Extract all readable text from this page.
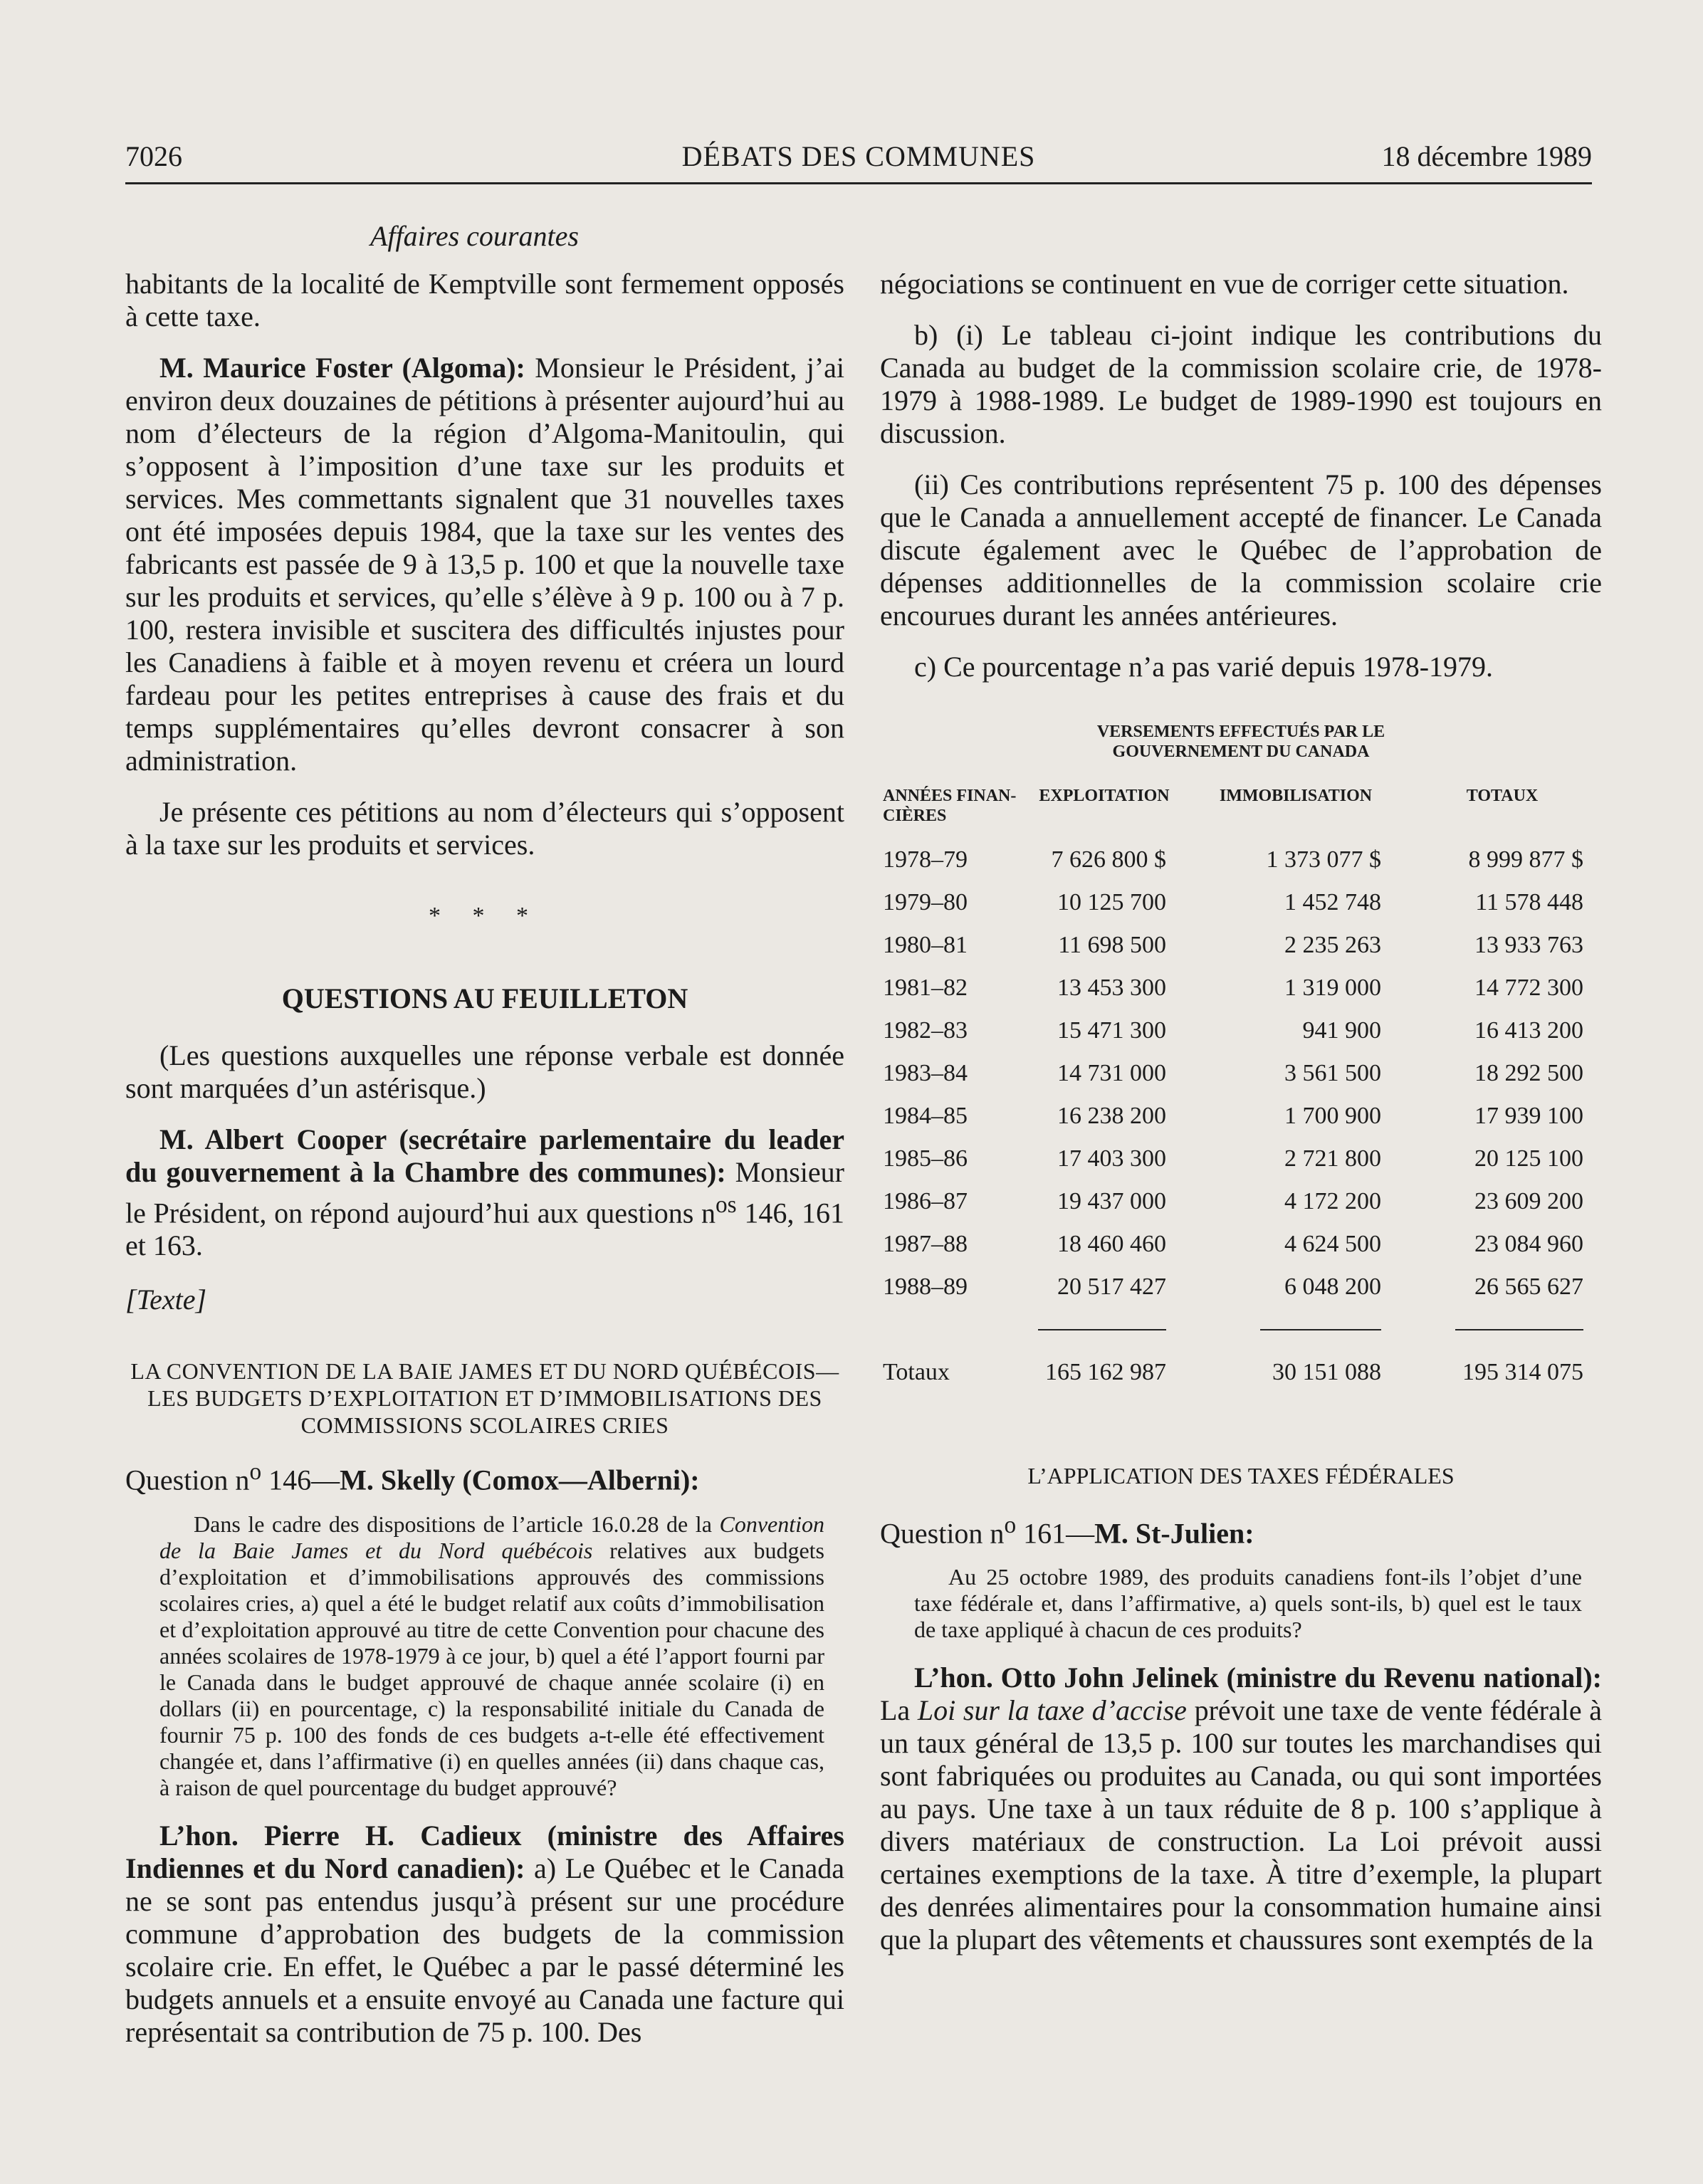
7026	DÉBATS DES COMMUNES	18 décembre 1989
Affaires courantes

habitants de la localité de Kemptville sont fermement opposés à cette taxe.

M. Maurice Foster (Algoma): Monsieur le Président, j’ai environ deux douzaines de pétitions à présenter aujourd’hui au nom d’électeurs de la région d’Algoma-Manitoulin, qui s’opposent à l’imposition d’une taxe sur les produits et services. Mes commettants signalent que 31 nouvelles taxes ont été imposées depuis 1984, que la taxe sur les ventes des fabricants est passée de 9 à 13,5 p. 100 et que la nouvelle taxe sur les produits et services, qu’elle s’élève à 9 p. 100 ou à 7 p. 100, restera invisible et suscitera des difficultés injustes pour les Canadiens à faible et à moyen revenu et créera un lourd fardeau pour les petites entreprises à cause des frais et du temps supplémentaires qu’elles devront consacrer à son administration.

Je présente ces pétitions au nom d’électeurs qui s’opposent à la taxe sur les produits et services.

* * *
QUESTIONS AU FEUILLETON

(Les questions auxquelles une réponse verbale est donnée sont marquées d’un astérisque.)

M. Albert Cooper (secrétaire parlementaire du leader du gouvernement à la Chambre des communes): Monsieur le Président, on répond aujourd’hui aux questions $n^{os}$ 146, 161 et 163.

[Texte]
LA CONVENTION DE LA BAIE JAMES ET DU NORD QUÉBÉCOIS—LES BUDGETS D’EXPLOITATION ET D’IMMOBILISATIONS DES COMMISSIONS SCOLAIRES CRIES
Question $n^o$ 146—M. Skelly (Comox—Alberni):

Dans le cadre des dispositions de l’article 16.0.28 de la Convention de la Baie James et du Nord québécois relatives aux budgets d’exploitation et d’immobilisations approuvés des commissions scolaires cries, a) quel a été le budget relatif aux coûts d’immobilisation et d’exploitation approuvé au titre de cette Convention pour chacune des années scolaires de 1978-1979 à ce jour, b) quel a été l’apport fourni par le Canada dans le budget approuvé de chaque année scolaire (i) en dollars (ii) en pourcentage, c) la responsabilité initiale du Canada de fournir 75 p. 100 des fonds de ces budgets a-t-elle été effectivement changée et, dans l’affirmative (i) en quelles années (ii) dans chaque cas, à raison de quel pourcentage du budget approuvé?

L’hon. Pierre H. Cadieux (ministre des Affaires Indiennes et du Nord canadien): a) Le Québec et le Canada ne se sont pas entendus jusqu’à présent sur une procédure commune d’approbation des budgets de la commission scolaire crie. En effet, le Québec a par le passé déterminé les budgets annuels et a ensuite envoyé au Canada une facture qui représentait sa contribution de 75 p. 100. Des

négociations se continuent en vue de corriger cette situation.

b) (i) Le tableau ci-joint indique les contributions du Canada au budget de la commission scolaire crie, de 1978-1979 à 1988-1989. Le budget de 1989-1990 est toujours en discussion.

(ii) Ces contributions représentent 75 p. 100 des dépenses que le Canada a annuellement accepté de financer. Le Canada discute également avec le Québec de l’approbation de dépenses additionnelles de la commission scolaire crie encourues durant les années antérieures.

c) Ce pourcentage n’a pas varié depuis 1978-1979.

VERSEMENTS EFFECTUÉS PAR LE
GOUVERNEMENT DU CANADA
ANNÉES FINAN-CIÈRES	EXPLOITATION	IMMOBILISATION	TOTAUX
1978–79	7 626 800 $	1 373 077 $	8 999 877 $
1979–80	10 125 700	1 452 748	11 578 448
1980–81	11 698 500	2 235 263	13 933 763
1981–82	13 453 300	1 319 000	14 772 300
1982–83	15 471 300	941 900	16 413 200
1983–84	14 731 000	3 561 500	18 292 500
1984–85	16 238 200	1 700 900	17 939 100
1985–86	17 403 300	2 721 800	20 125 100
1986–87	19 437 000	4 172 200	23 609 200
1987–88	18 460 460	4 624 500	23 084 960
1988–89	20 517 427	6 048 200	26 565 627

Totaux	165 162 987	30 151 088	195 314 075
L’APPLICATION DES TAXES FÉDÉRALES
Question $n^o$ 161—M. St-Julien:

Au 25 octobre 1989, des produits canadiens font-ils l’objet d’une taxe fédérale et, dans l’affirmative, a) quels sont-ils, b) quel est le taux de taxe appliqué à chacun de ces produits?

L’hon. Otto John Jelinek (ministre du Revenu national): La Loi sur la taxe d’accise prévoit une taxe de vente fédérale à un taux général de 13,5 p. 100 sur toutes les marchandises qui sont fabriquées ou produites au Canada, ou qui sont importées au pays. Une taxe à un taux réduite de 8 p. 100 s’applique à divers matériaux de construction. La Loi prévoit aussi certaines exemptions de la taxe. À titre d’exemple, la plupart des denrées alimentaires pour la consommation humaine ainsi que la plupart des vêtements et chaussures sont exemptés de la
